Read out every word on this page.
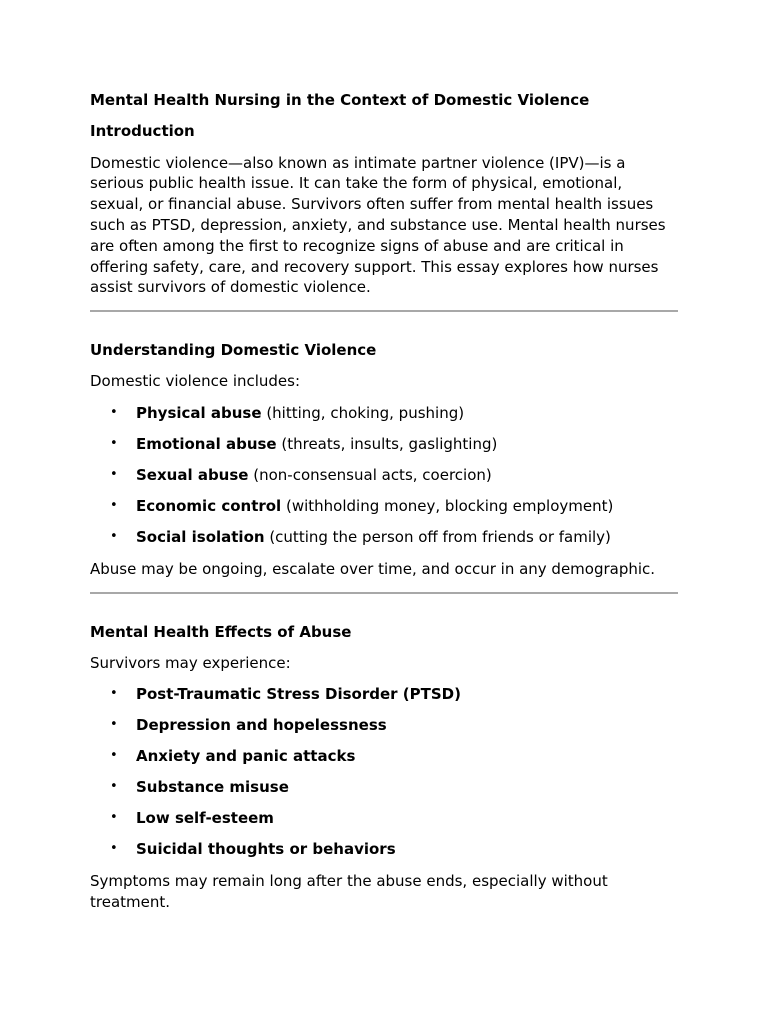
Mental Health Nursing in the Context of Domestic Violence
Introduction

Domestic violence—also known as intimate partner violence (IPV)—is a serious public health issue. It can take the form of physical, emotional, sexual, or financial abuse. Survivors often suffer from mental health issues such as PTSD, depression, anxiety, and substance use. Mental health nurses are often among the first to recognize signs of abuse and are critical in offering safety, care, and recovery support. This essay explores how nurses assist survivors of domestic violence.

Understanding Domestic Violence

Domestic violence includes:

• Physical abuse (hitting, choking, pushing)
• Emotional abuse (threats, insults, gaslighting)
• Sexual abuse (non-consensual acts, coercion)
• Economic control (withholding money, blocking employment)
• Social isolation (cutting the person off from friends or family)

Abuse may be ongoing, escalate over time, and occur in any demographic.

Mental Health Effects of Abuse

Survivors may experience:

• Post-Traumatic Stress Disorder (PTSD)
• Depression and hopelessness
• Anxiety and panic attacks
• Substance misuse
• Low self-esteem
• Suicidal thoughts or behaviors

Symptoms may remain long after the abuse ends, especially without treatment.
